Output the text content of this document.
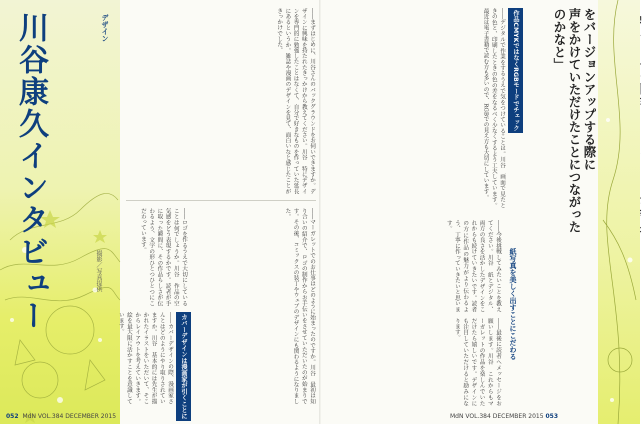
川谷康久インタビュー	撮影／写真提供
デザイン	――まずはじめに、川谷さんのバックグラウンドをお伺いできますか。デザインに興味を持たれたきっかけから教えてください。川谷　特にデザインを専門的に勉強したことはなくて、自分で好きなものを作っていた延長にあるというか。雑誌や漫画のデザインを見て、面白いなと感じたことがきっかけでした。
――マーガレットでのお仕事はどのように始まったのですか。川谷　最初は知り合いの紹介で、ロゴの制作からお手伝いをさせていただいたのが始まりです。その後、コミックスの装丁やウェブのデザインにも関わるようになりました。
――ロゴを作るうえで大切にしていることは何でしょうか。川谷　作品の空気感をどう表現するかです。読者が手に取った瞬間に、その作品らしさが伝わるよう、文字の形ひとつひとつにこだわっています。
カバーデザインは漫画家が引くことに
――カバーデザインの際、漫画家さんとはどのようにやり取りされていますか。川谷　基本的には先生が描かれたイラストをいただいて、そこからレイアウトを考えていきます。絵を最大限に活かすことを意識しています。
052 MdN VOL.384 DECEMBER 2015
――デジタルで作業をするうえで気をつけていることは。川谷　画面で見たときの色と、印刷したときの色の差をなるべく少なくするよう工夫しています。最近は電子書籍で読む方も多いので、RGBでの見え方も大切にしています。	作品CMYKではなくRGBモードでチェック	をバージョンアップする際に
声をかけていただけたことにつながったのかなと」
紙写真を美しく出すことにこだわる
――今後挑戦してみたいことを教えてください。川谷　紙とデジタル、両方の良さを活かしたデザインをこれからも続けていきたいです。読者の方に作品の魅力がより伝わるよう、丁寧に作っていきたいと思います。
――最後に読者へメッセージをお願いします。川谷　これからもマーガレットの作品を楽しんでいただけたら嬉しいです。デザインにも注目していただけると励みになります。
MdN VOL.384 DECEMBER 2015 053
